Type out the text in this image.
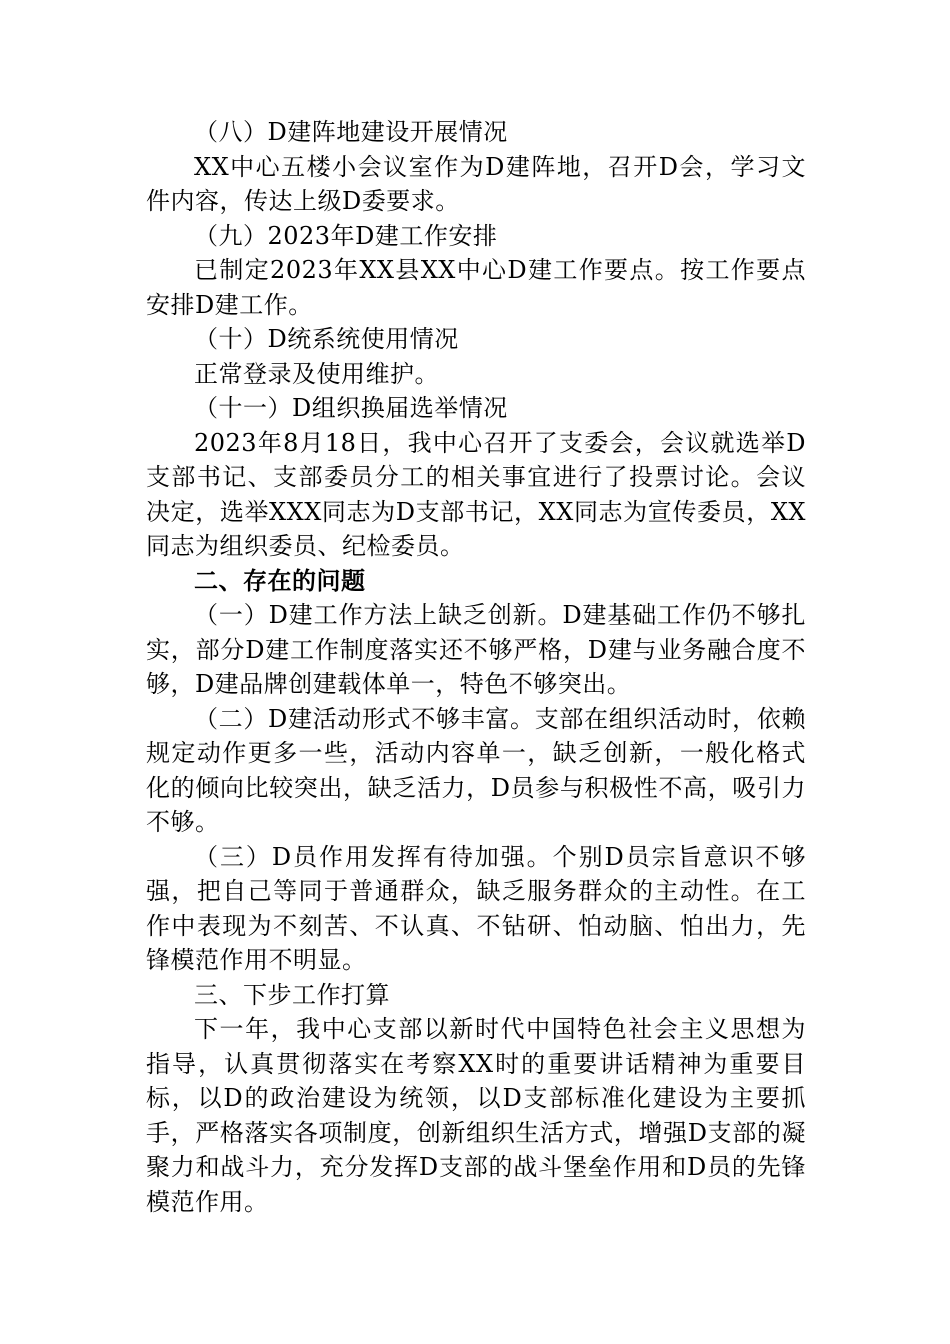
（八）D建阵地建设开展情况

XX中心五楼小会议室作为D建阵地，召开D会，学习文件内容，传达上级D委要求。

（九）2023年D建工作安排

已制定2023年XX县XX中心D建工作要点。按工作要点安排D建工作。

（十）D统系统使用情况

正常登录及使用维护。

（十一）D组织换届选举情况

2023年8月18日，我中心召开了支委会，会议就选举D支部书记、支部委员分工的相关事宜进行了投票讨论。会议决定，选举XXX同志为D支部书记，XX同志为宣传委员，XX同志为组织委员、纪检委员。

二、存在的问题

（一）D建工作方法上缺乏创新。D建基础工作仍不够扎实，部分D建工作制度落实还不够严格，D建与业务融合度不够，D建品牌创建载体单一，特色不够突出。

（二）D建活动形式不够丰富。支部在组织活动时，依赖规定动作更多一些，活动内容单一，缺乏创新，一般化格式化的倾向比较突出，缺乏活力，D员参与积极性不高，吸引力不够。

（三）D员作用发挥有待加强。个别D员宗旨意识不够强，把自己等同于普通群众，缺乏服务群众的主动性。在工作中表现为不刻苦、不认真、不钻研、怕动脑、怕出力，先锋模范作用不明显。

三、下步工作打算

下一年，我中心支部以新时代中国特色社会主义思想为指导，认真贯彻落实在考察XX时的重要讲话精神为重要目标，以D的政治建设为统领，以D支部标准化建设为主要抓手，严格落实各项制度，创新组织生活方式，增强D支部的凝聚力和战斗力，充分发挥D支部的战斗堡垒作用和D员的先锋模范作用。
